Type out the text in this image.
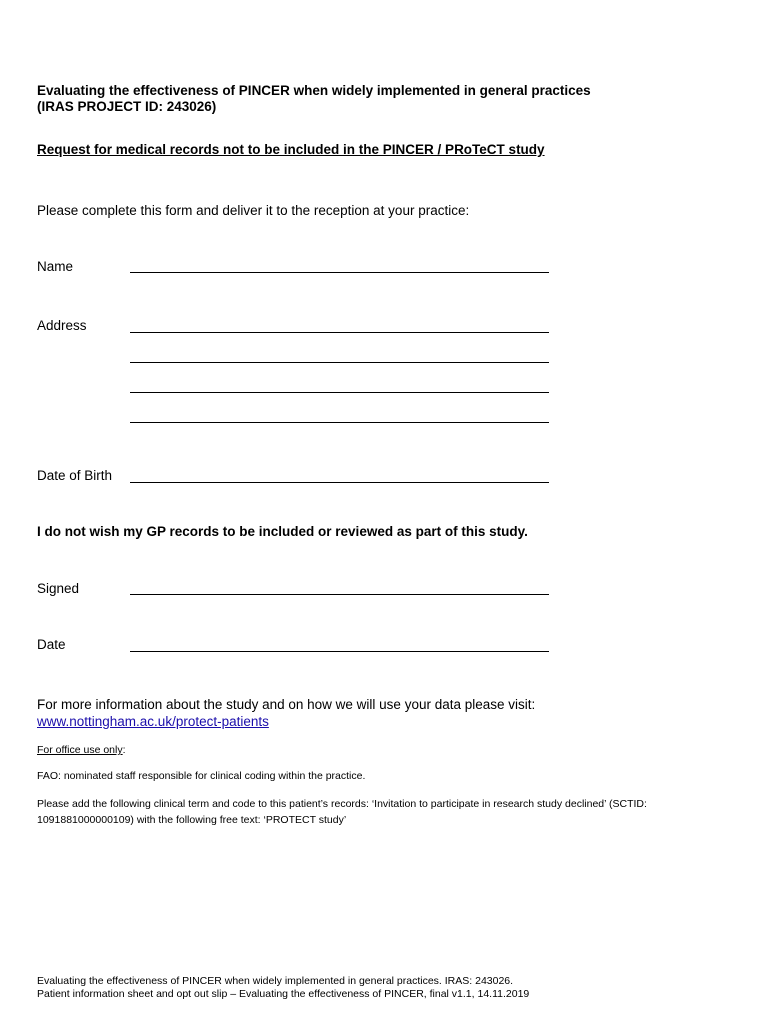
Evaluating the effectiveness of PINCER when widely implemented in general practices
(IRAS PROJECT ID: 243026)
Request for medical records not to be included in the PINCER / PRoTeCT study
Please complete this form and deliver it to the reception at your practice:
Name
Address
Date of Birth
I do not wish my GP records to be included or reviewed as part of this study.
Signed
Date
For more information about the study and on how we will use your data please visit:
www.nottingham.ac.uk/protect-patients
For office use only:
FAO: nominated staff responsible for clinical coding within the practice.
Please add the following clinical term and code to this patient’s records: ‘Invitation to participate in research study declined’ (SCTID: 1091881000000109) with the following free text: ‘PROTECT study’
Evaluating the effectiveness of PINCER when widely implemented in general practices. IRAS: 243026.
Patient information sheet and opt out slip – Evaluating the effectiveness of PINCER, final v1.1, 14.11.2019
